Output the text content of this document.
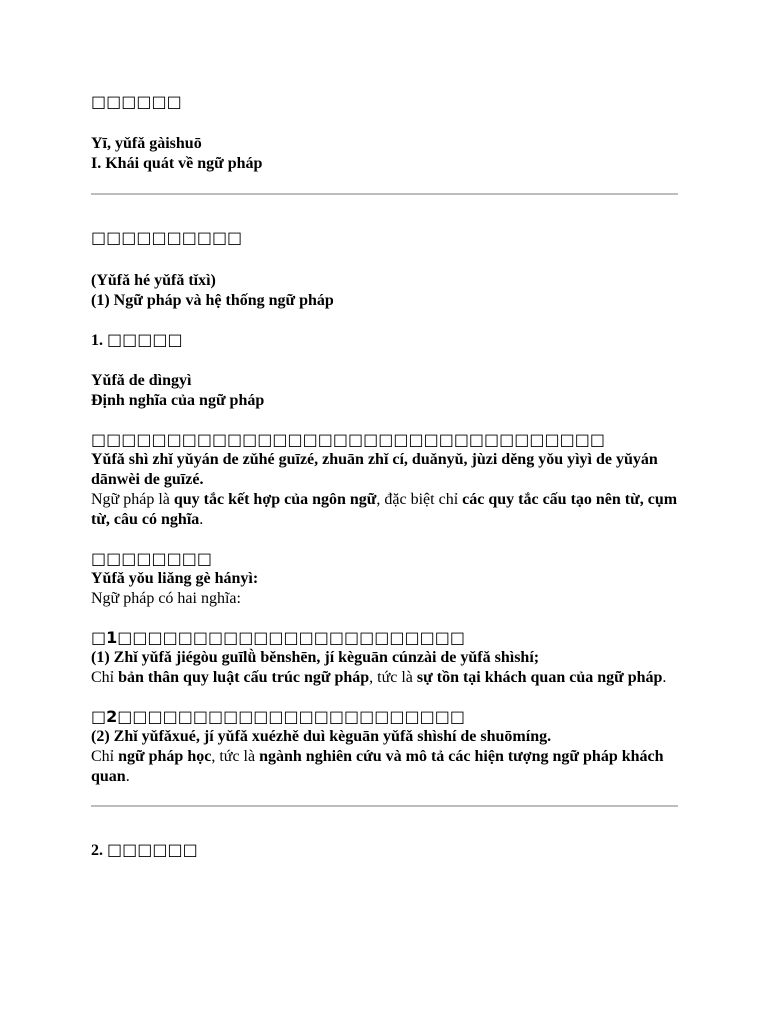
□□□□□□
Yī, yǔfǎ gàishuō
I. Khái quát về ngữ pháp
□□□□□□□□□□
(Yǔfǎ hé yǔfǎ tǐxì)
(1) Ngữ pháp và hệ thống ngữ pháp
1. □□□□□
Yǔfǎ de dìngyì
Định nghĩa của ngữ pháp
□□□□□□□□□□□□□□□□□□□□□□□□□□□□□□□□□□
Yǔfǎ shì zhǐ yǔyán de zǔhé guīzé, zhuān zhǐ cí, duǎnyǔ, jùzi děng yǒu yìyì de yǔyán dānwèi de guīzé.
Ngữ pháp là quy tắc kết hợp của ngôn ngữ, đặc biệt chỉ các quy tắc cấu tạo nên từ, cụm từ, câu có nghĩa.
□□□□□□□□
Yǔfǎ yǒu liǎng gè hányì:
Ngữ pháp có hai nghĩa:
□1□□□□□□□□□□□□□□□□□□□□□□□
(1) Zhǐ yǔfǎ jiégòu guīlǜ běnshēn, jí kèguān cúnzài de yǔfǎ shìshí;
Chỉ bản thân quy luật cấu trúc ngữ pháp, tức là sự tồn tại khách quan của ngữ pháp.
□2□□□□□□□□□□□□□□□□□□□□□□□
(2) Zhǐ yǔfǎxué, jí yǔfǎ xuézhě duì kèguān yǔfǎ shìshí de shuōmíng.
Chỉ ngữ pháp học, tức là ngành nghiên cứu và mô tả các hiện tượng ngữ pháp khách quan.
2. □□□□□□
